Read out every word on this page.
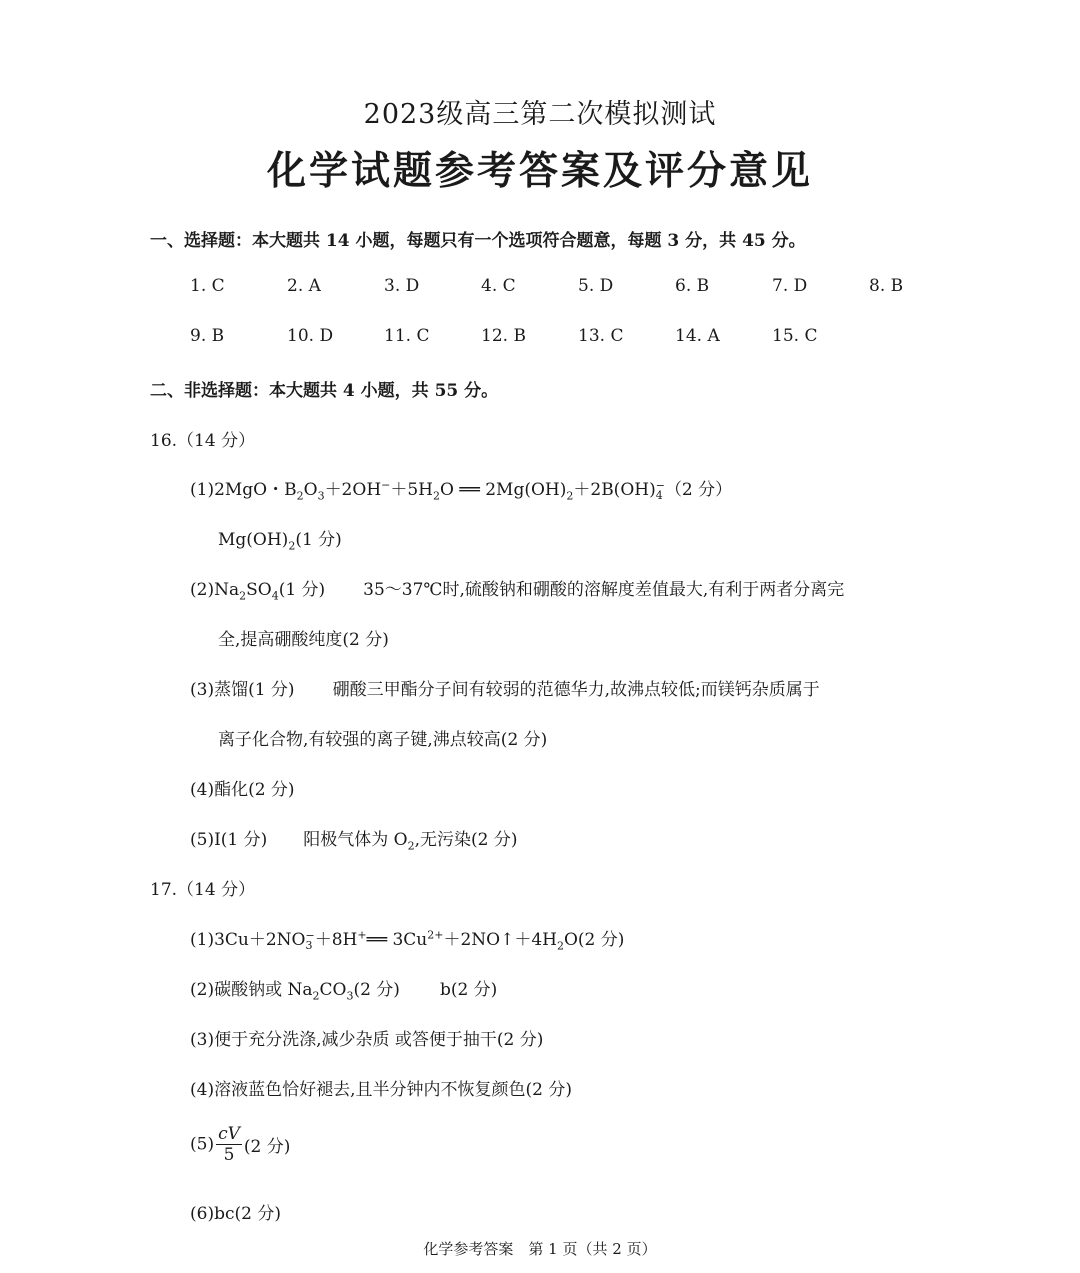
2023级高三第二次模拟测试
化学试题参考答案及评分意见
一、选择题：本大题共 14 小题，每题只有一个选项符合题意，每题 3 分，共 45 分。
1. C	2. A	3. D	4. C	5. D	6. B	7. D	8. B
9. B	10. D	11. C	12. B	13. C	14. A	15. C
二、非选择题：本大题共 4 小题，共 55 分。
16.（14 分）
(1)2MgO・$B_2O_3+2OH^-+5H_2O$ ══ $2Mg(OH)_2+2B(OH)$ −
4 （2 分）
$Mg(OH)_2(1$ 分)
$(2)Na_2SO_4(1$ 分) 35～37℃时,硫酸钠和硼酸的溶解度差值最大,有利于两者分离完
全,提高硼酸纯度(2 分)
(3)蒸馏(1 分) 硼酸三甲酯分子间有较弱的范德华力,故沸点较低;而镁钙杂质属于
离子化合物,有较强的离子键,沸点较高(2 分)
(4)酯化(2 分)
(5)I(1 分) 阳极气体为 $O_2$,无污染(2 分)
17.（14 分）
(1)3Cu＋2NO −
3 ＋8H+══ $3Cu^{2+}+2NO↑+4H_2O(2$ 分)
(2)碳酸钠或 $Na_2CO_3(2$ 分) b(2 分)
(3)便于充分洗涤,减少杂质 或答便于抽干(2 分)
(4)溶液蓝色恰好褪去,且半分钟内不恢复颜色(2 分)
$(5) \frac{cV}{5} (2$ 分)
(6)bc(2 分)
化学参考答案　第 1 页（共 2 页）
